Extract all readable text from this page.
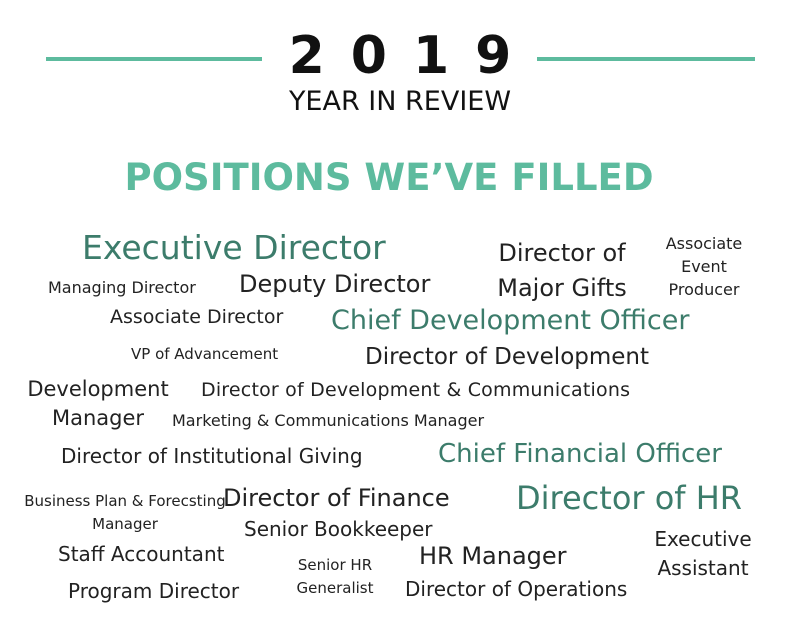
2019
YEAR IN REVIEW
POSITIONS WE’VE FILLED
Executive Director	Director of Major Gifts
Associate Event Producer
Managing Director Deputy Director
Associate Director Chief Development Officer
VP of Advancement	Director of Development
Development Manager
Director of Development & Communications
Marketing & Communications Manager
Director of Institutional Giving	Chief Financial Officer
Business Plan & Forecsting Manager
Director of Finance Director of HR
Senior Bookkeeper	Executive Assistant
Staff Accountant	Senior HR Generalist
HR Manager
Program Director	Director of Operations
